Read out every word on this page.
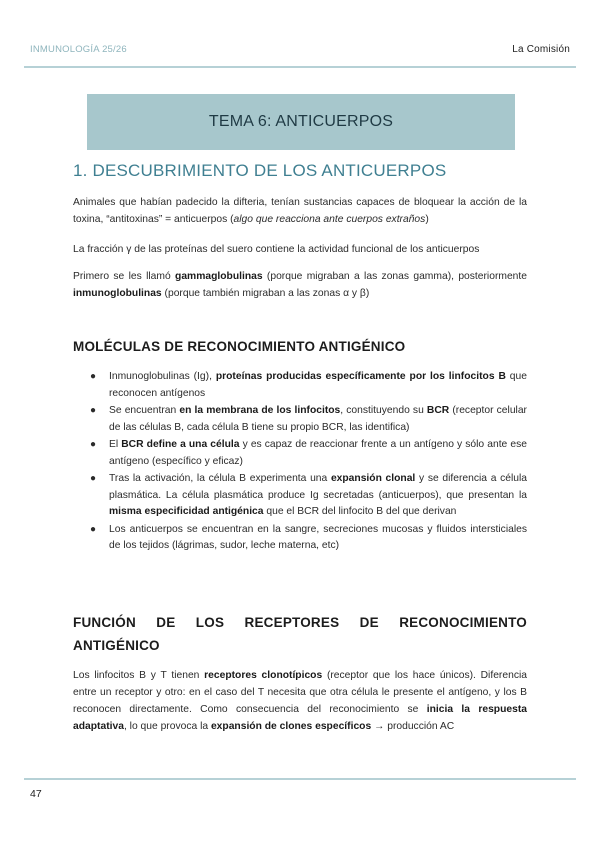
INMUNOLOGÍA 25/26	La Comisión
TEMA 6: ANTICUERPOS
1. DESCUBRIMIENTO DE LOS ANTICUERPOS
Animales que habían padecido la difteria, tenían sustancias capaces de bloquear la acción de la toxina, “antitoxinas” = anticuerpos (algo que reacciona ante cuerpos extraños)
La fracción γ de las proteínas del suero contiene la actividad funcional de los anticuerpos
Primero se les llamó gammaglobulinas (porque migraban a las zonas gamma), posteriormente inmunoglobulinas (porque también migraban a las zonas α y β)
MOLÉCULAS DE RECONOCIMIENTO ANTIGÉNICO
● Inmunoglobulinas (Ig), proteínas producidas específicamente por los linfocitos B que reconocen antígenos
● Se encuentran en la membrana de los linfocitos, constituyendo su BCR (receptor celular de las células B, cada célula B tiene su propio BCR, las identifica)
● El BCR define a una célula y es capaz de reaccionar frente a un antígeno y sólo ante ese antígeno (específico y eficaz)
● Tras la activación, la célula B experimenta una expansión clonal y se diferencia a célula plasmática. La célula plasmática produce Ig secretadas (anticuerpos), que presentan la misma especificidad antigénica que el BCR del linfocito B del que derivan
● Los anticuerpos se encuentran en la sangre, secreciones mucosas y fluidos intersticiales de los tejidos (lágrimas, sudor, leche materna, etc)
FUNCIÓN DE LOS RECEPTORES DE RECONOCIMIENTO
ANTIGÉNICO
Los linfocitos B y T tienen receptores clonotípicos (receptor que los hace únicos). Diferencia entre un receptor y otro: en el caso del T necesita que otra célula le presente el antígeno, y los B reconocen directamente. Como consecuencia del reconocimiento se inicia la respuesta adaptativa, lo que provoca la expansión de clones específicos → producción AC
47
